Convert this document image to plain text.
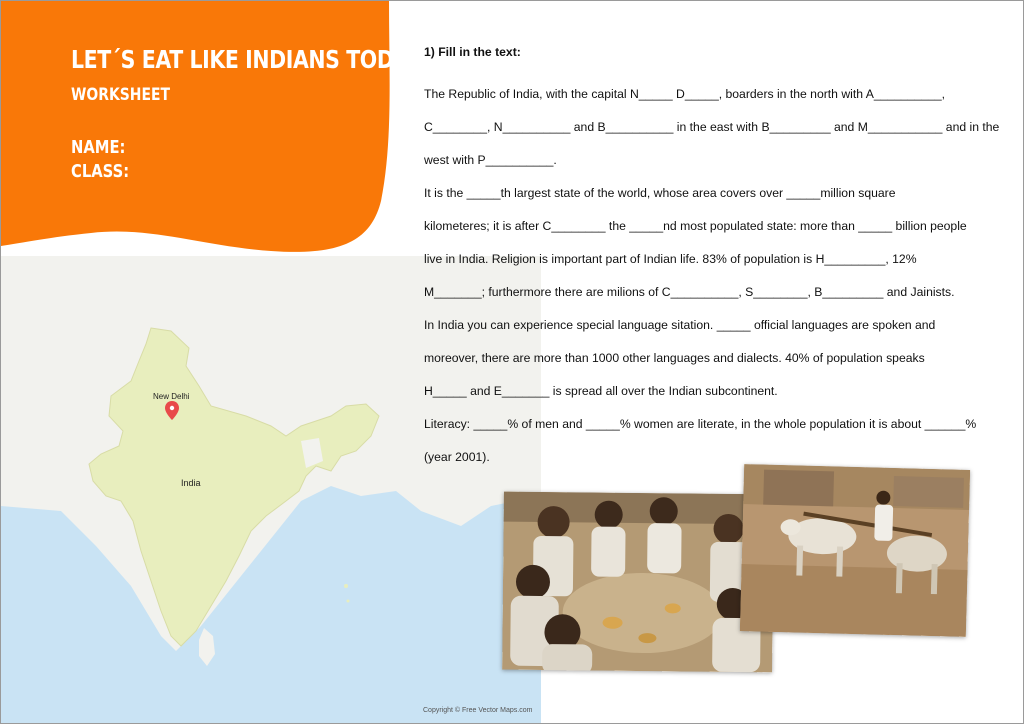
New Delhi
India
LET´S EAT LIKE INDIANS TODAY
WORKSHEET
NAME:
CLASS:
1) Fill in the text:
The Republic of India, with the capital N_____ D_____, boarders in the north with A__________,
C________, N__________ and B__________ in the east with B_________ and M___________ and in the
west with P__________.
It is the _____th largest state of the world, whose area covers over _____million square
kilometeres; it is after C________ the _____nd most populated state: more than _____ billion people
live in India. Religion is important part of Indian life. 83% of population is H_________, 12%
M_______; furthermore there are milions of C__________, S________, B_________ and Jainists.
In India you can experience special language sitation. _____ official languages are spoken and
moreover, there are more than 1000 other languages and dialects. 40% of population speaks
H_____ and E_______ is spread all over the Indian subcontinent.
Literacy: _____% of men and _____% women are literate, in the whole population it is about ______%
(year 2001).
Copyright © Free Vector Maps.com
